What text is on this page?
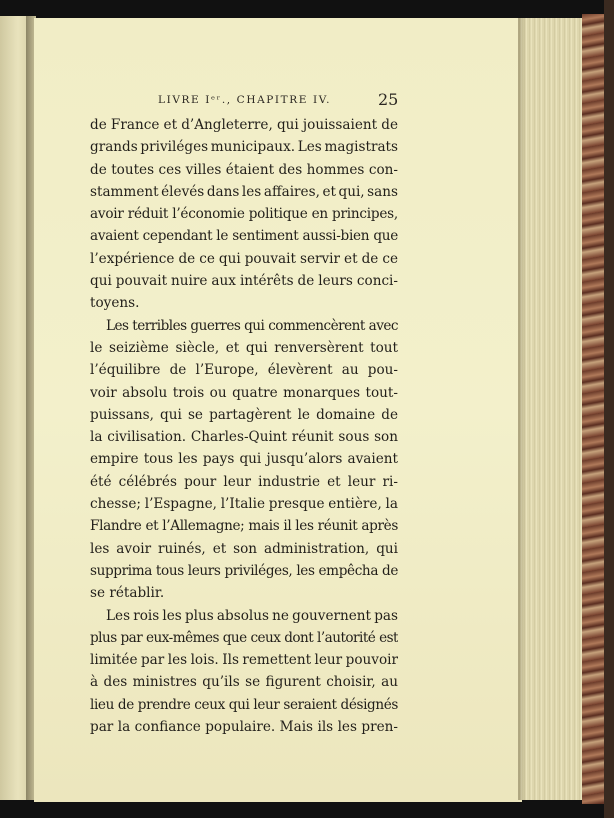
LIVRE Iᵉʳ., CHAPITRE IV.	25
de France et d’Angleterre, qui jouissaient de
grands priviléges municipaux. Les magistrats
de toutes ces villes étaient des hommes con-
stamment élevés dans les affaires, et qui, sans
avoir réduit l’économie politique en principes,
avaient cependant le sentiment aussi-bien que
l’expérience de ce qui pouvait servir et de ce
qui pouvait nuire aux intérêts de leurs conci-
toyens.
Les terribles guerres qui commencèrent avec
le seizième siècle, et qui renversèrent tout
l’équilibre de l’Europe, élevèrent au pou-
voir absolu trois ou quatre monarques tout-
puissans, qui se partagèrent le domaine de
la civilisation. Charles-Quint réunit sous son
empire tous les pays qui jusqu’alors avaient
été célébrés pour leur industrie et leur ri-
chesse; l’Espagne, l’Italie presque entière, la
Flandre et l’Allemagne; mais il les réunit après
les avoir ruinés, et son administration, qui
supprima tous leurs priviléges, les empêcha de
se rétablir.
Les rois les plus absolus ne gouvernent pas
plus par eux-mêmes que ceux dont l’autorité est
limitée par les lois. Ils remettent leur pouvoir
à des ministres qu’ils se figurent choisir, au
lieu de prendre ceux qui leur seraient désignés
par la confiance populaire. Mais ils les pren-
